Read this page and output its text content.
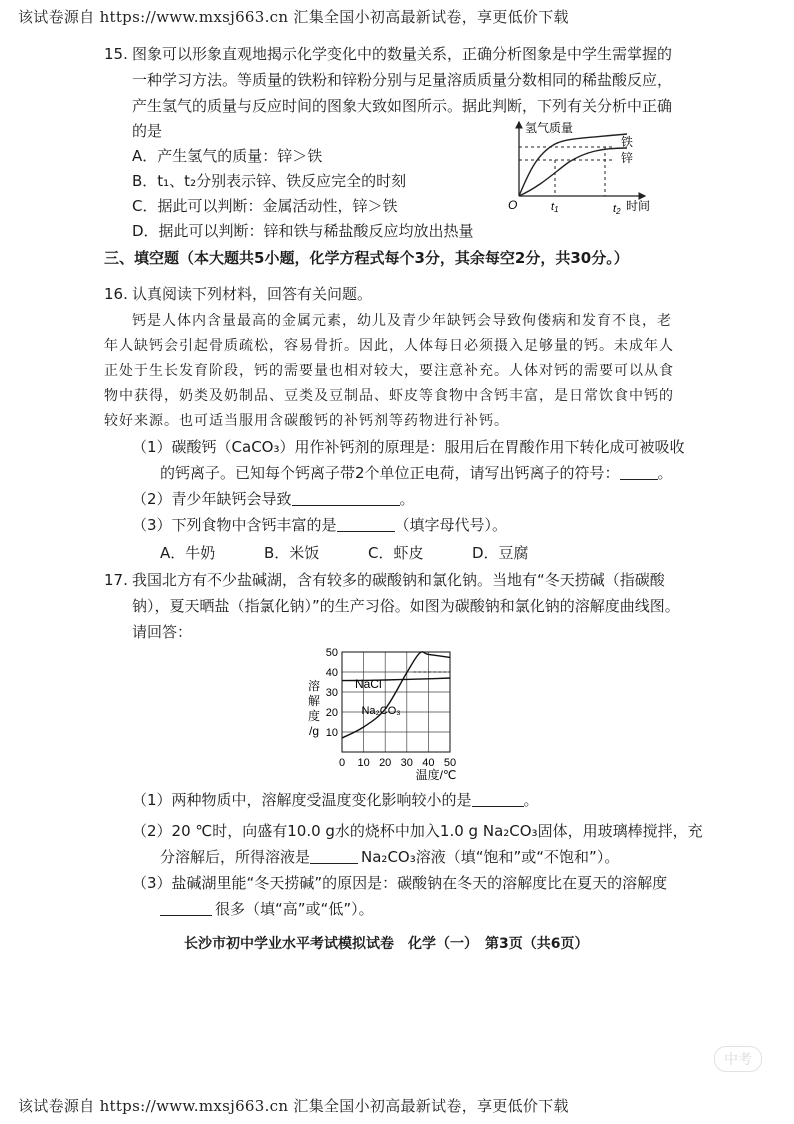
该试卷源自 https://www.mxsj663.cn 汇集全国小初高最新试卷，享更低价下载
15. 图象可以形象直观地揭示化学变化中的数量关系，正确分析图象是中学生需掌握的
一种学习方法。等质量的铁粉和锌粉分别与足量溶质质量分数相同的稀盐酸反应，
产生氢气的质量与反应时间的图象大致如图所示。据此判断，下列有关分析中正确
的是
A．产生氢气的质量：锌＞铁
B．t₁、t₂分别表示锌、铁反应完全的时刻
C．据此可以判断：金属活动性，锌＞铁
D．据此可以判断：锌和铁与稀盐酸反应均放出热量
氢气质量
O	t2 时间
t1
铁
锌
三、填空题（本大题共5小题，化学方程式每个3分，其余每空2分，共30分。）
16. 认真阅读下列材料，回答有关问题。
钙是人体内含量最高的金属元素，幼儿及青少年缺钙会导致佝偻病和发育不良，老
年人缺钙会引起骨质疏松，容易骨折。因此，人体每日必须摄入足够量的钙。未成年人
正处于生长发育阶段，钙的需要量也相对较大，要注意补充。人体对钙的需要可以从食
物中获得，奶类及奶制品、豆类及豆制品、虾皮等食物中含钙丰富，是日常饮食中钙的
较好来源。也可适当服用含碳酸钙的补钙剂等药物进行补钙。
（1）碳酸钙（CaCO₃）用作补钙剂的原理是：服用后在胃酸作用下转化成可被吸收
的钙离子。已知每个钙离子带2个单位正电荷，请写出钙离子的符号：	。
（2）青少年缺钙会导致	。
（3）下列食物中含钙丰富的是	（填字母代号）。
A．牛奶	B．米饭	C．虾皮	D．豆腐
17. 我国北方有不少盐碱湖，含有较多的碳酸钠和氯化钠。当地有“冬天捞碱（指碳酸
钠），夏天晒盐（指氯化钠）”的生产习俗。如图为碳酸钠和氯化钠的溶解度曲线图。
请回答：
10
20
30
40
50
0 10 20 30 40 50
NaCl
Na₂CO₃
溶
解
度
/g
温度/℃
（1）两种物质中，溶解度受温度变化影响较小的是	。
（2）20 ℃时，向盛有10.0 g水的烧杯中加入1.0 g Na₂CO₃固体，用玻璃棒搅拌，充
分溶解后，所得溶液是	Na₂CO₃溶液（填“饱和”或“不饱和”）。
（3）盐碱湖里能“冬天捞碱”的原因是：碳酸钠在冬天的溶解度比在夏天的溶解度
很多（填“高”或“低”）。
长沙市初中学业水平考试模拟试卷　化学（一）　第3页（共6页）
中考
该试卷源自 https://www.mxsj663.cn 汇集全国小初高最新试卷，享更低价下载
